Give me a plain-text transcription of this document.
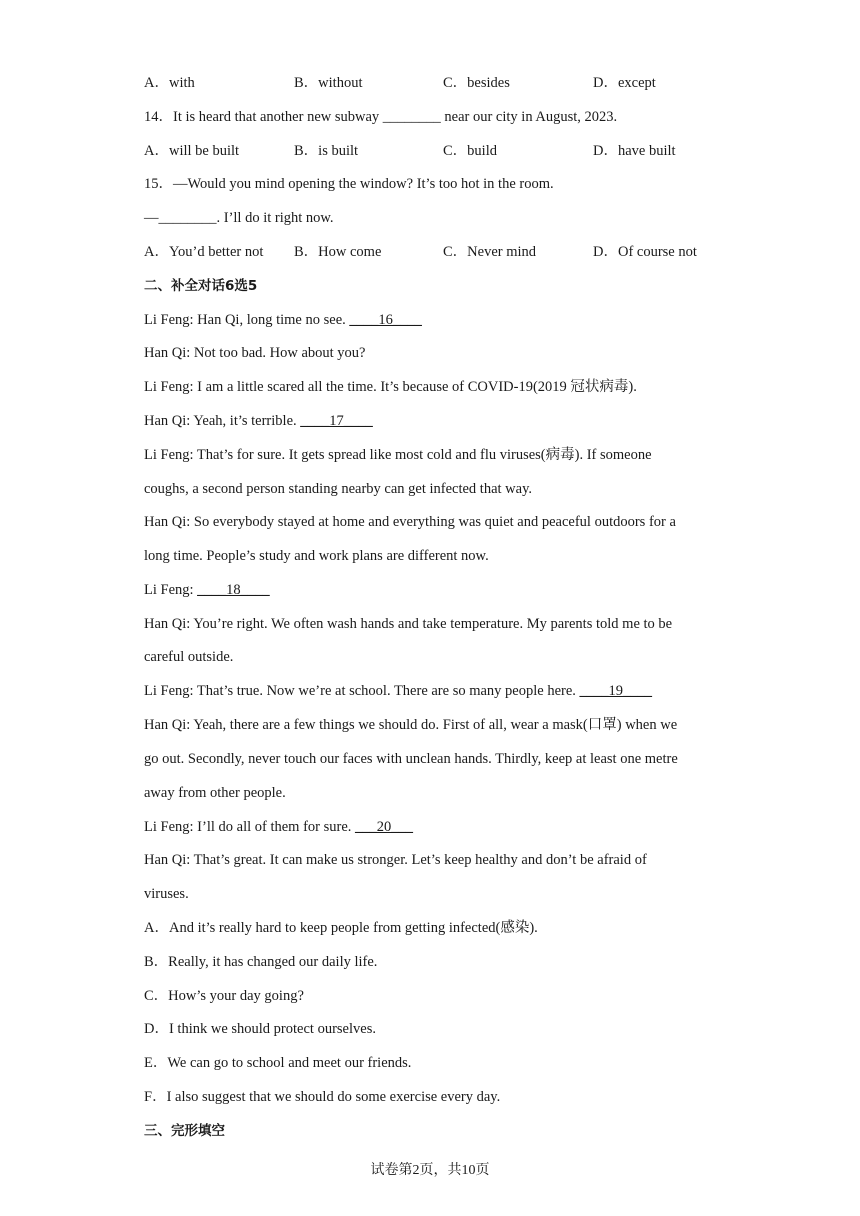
A．with	B．without	C．besides	D．except
14．It is heard that another new subway ________ near our city in August, 2023.
A．will be built	B．is built	C．build	D．have built
15．—Would you mind opening the window? It’s too hot in the room.
—________. I’ll do it right now.
A．You’d better not B．How come	C．Never mind	D．Of course not
二、补全对话6选5
Li Feng: Han Qi, long time no see. ____16____
Han Qi: Not too bad. How about you?
Li Feng: I am a little scared all the time. It’s because of COVID-19(2019 冠状病毒).
Han Qi: Yeah, it’s terrible. ____17____
Li Feng: That’s for sure. It gets spread like most cold and flu viruses(病毒). If someone
coughs, a second person standing nearby can get infected that way.
Han Qi: So everybody stayed at home and everything was quiet and peaceful outdoors for a
long time. People’s study and work plans are different now.
Li Feng: ____18____
Han Qi: You’re right. We often wash hands and take temperature. My parents told me to be
careful outside.
Li Feng: That’s true. Now we’re at school. There are so many people here. ____19____
Han Qi: Yeah, there are a few things we should do. First of all, wear a mask(口罩) when we
go out. Secondly, never touch our faces with unclean hands. Thirdly, keep at least one metre
away from other people.
Li Feng: I’ll do all of them for sure. ___20___
Han Qi: That’s great. It can make us stronger. Let’s keep healthy and don’t be afraid of
viruses.
A．And it’s really hard to keep people from getting infected(感染).
B．Really, it has changed our daily life.
C．How’s your day going?
D．I think we should protect ourselves.
E．We can go to school and meet our friends.
F．I also suggest that we should do some exercise every day.
三、完形填空
试卷第2页，共10页
